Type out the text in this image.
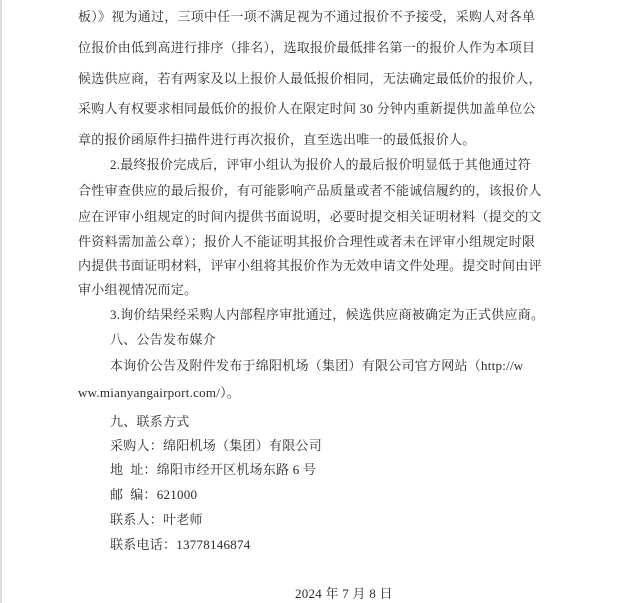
板）》视为通过，三项中任一项不满足视为不通过报价不予接受，采购人对各单
位报价由低到高进行排序（排名），选取报价最低排名第一的报价人作为本项目
候选供应商，若有两家及以上报价人最低报价相同，无法确定最低价的报价人，
采购人有权要求相同最低价的报价人在限定时间 30 分钟内重新提供加盖单位公
章的报价函原件扫描件进行再次报价，直至选出唯一的最低报价人。
2.最终报价完成后，评审小组认为报价人的最后报价明显低于其他通过符
合性审查供应的最后报价，有可能影响产品质量或者不能诚信履约的，该报价人
应在评审小组规定的时间内提供书面说明，必要时提交相关证明材料（提交的文
件资料需加盖公章）；报价人不能证明其报价合理性或者未在评审小组规定时限
内提供书面证明材料，评审小组将其报价作为无效申请文件处理。提交时间由评
审小组视情况而定。
3.询价结果经采购人内部程序审批通过，候选供应商被确定为正式供应商。
八、公告发布媒介
本询价公告及附件发布于绵阳机场（集团）有限公司官方网站（http://w
ww.mianyangairport.com/）。
九、联系方式
采购人：绵阳机场（集团）有限公司
地  址：绵阳市经开区机场东路 6 号
邮  编：621000
联系人：叶老师
联系电话：13778146874
2024 年 7 月 8 日
